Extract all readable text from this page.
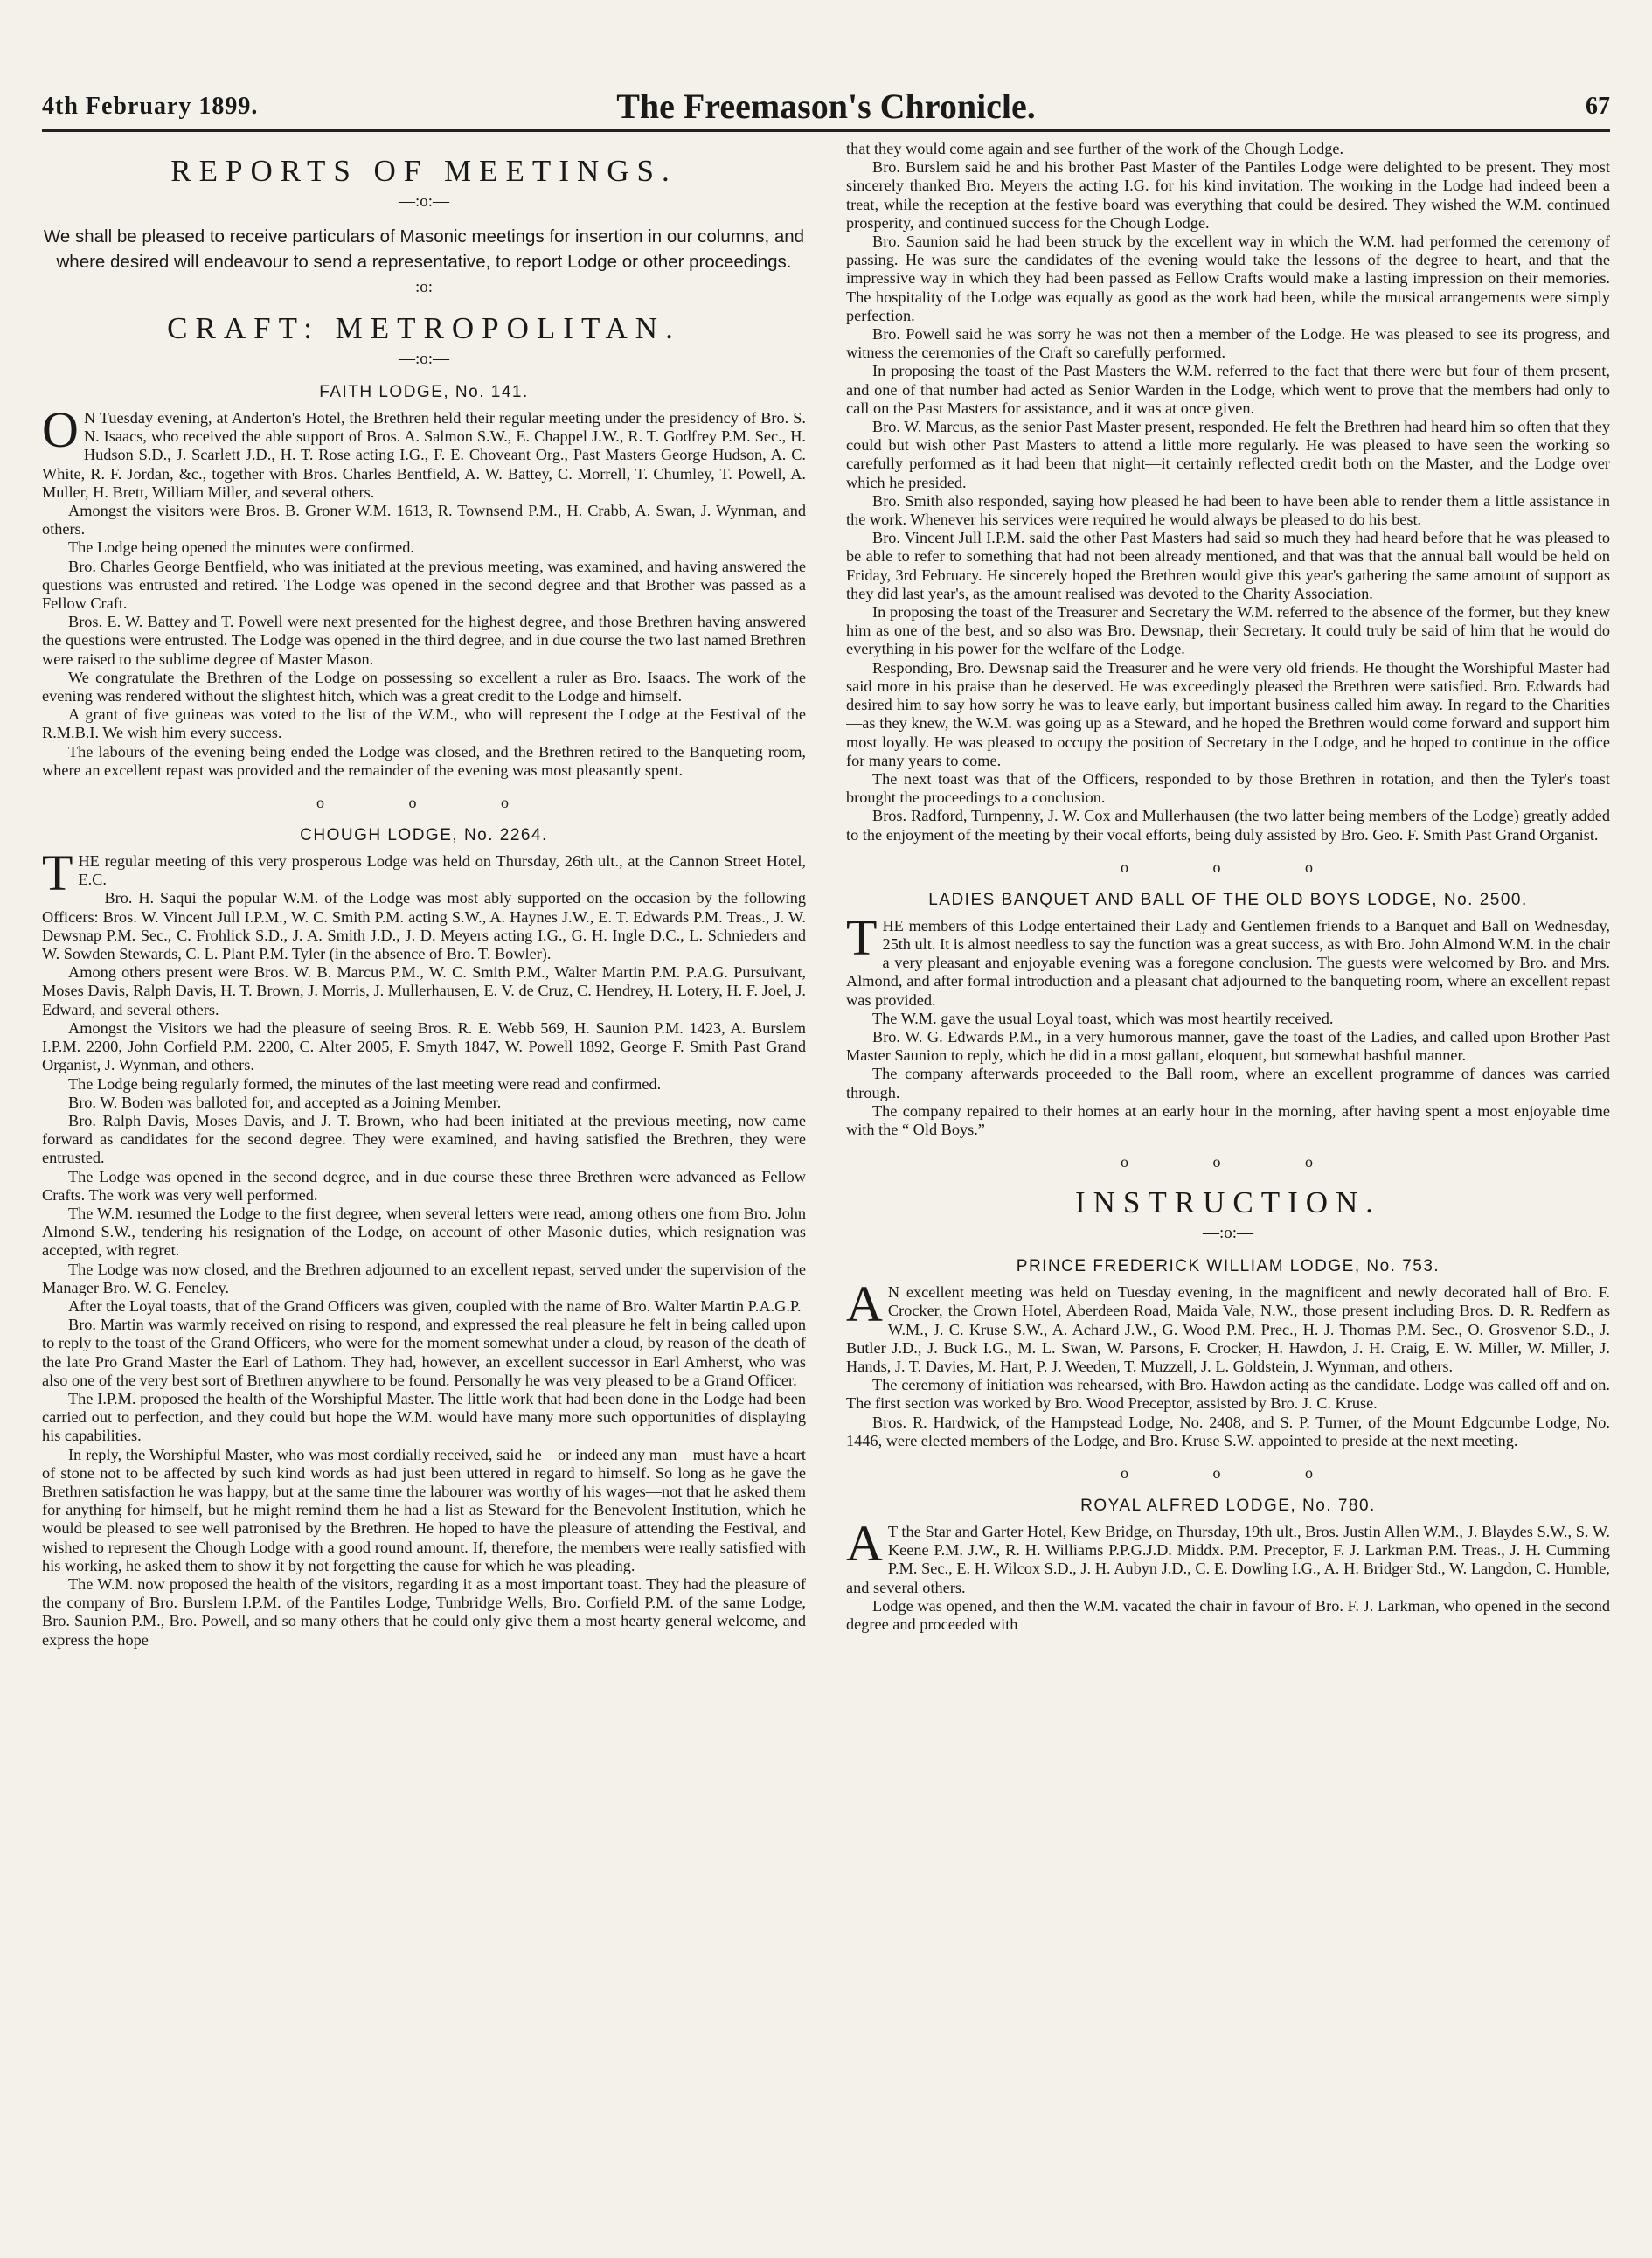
4th February 1899.	The Freemason's Chronicle.	67
REPORTS OF MEETINGS.
—:o:—
We shall be pleased to receive particulars of Masonic meetings for insertion in our columns, and where desired will endeavour to send a representative, to report Lodge or other proceedings.
—:o:—
CRAFT: METROPOLITAN.
—:o:—
FAITH LODGE, No. 141.

O N Tuesday evening, at Anderton's Hotel, the Brethren held their regular meeting under the presidency of Bro. S. N. Isaacs, who received the able support of Bros. A. Salmon S.W., E. Chappel J.W., R. T. Godfrey P.M. Sec., H. Hudson S.D., J. Scarlett J.D., H. T. Rose acting I.G., F. E. Choveant Org., Past Masters George Hudson, A. C. White, R. F. Jordan, &c., together with Bros. Charles Bentfield, A. W. Battey, C. Morrell, T. Chumley, T. Powell, A. Muller, H. Brett, William Miller, and several others.

Amongst the visitors were Bros. B. Groner W.M. 1613, R. Townsend P.M., H. Crabb, A. Swan, J. Wynman, and others.

The Lodge being opened the minutes were confirmed.

Bro. Charles George Bentfield, who was initiated at the previous meeting, was examined, and having answered the questions was entrusted and retired. The Lodge was opened in the second degree and that Brother was passed as a Fellow Craft.

Bros. E. W. Battey and T. Powell were next presented for the highest degree, and those Brethren having answered the questions were entrusted. The Lodge was opened in the third degree, and in due course the two last named Brethren were raised to the sublime degree of Master Mason.

We congratulate the Brethren of the Lodge on possessing so excellent a ruler as Bro. Isaacs. The work of the evening was rendered without the slightest hitch, which was a great credit to the Lodge and himself.

A grant of five guineas was voted to the list of the W.M., who will represent the Lodge at the Festival of the R.M.B.I. We wish him every success.

The labours of the evening being ended the Lodge was closed, and the Brethren retired to the Banqueting room, where an excellent repast was provided and the remainder of the evening was most pleasantly spent.

o o o
CHOUGH LODGE, No. 2264.

THE regular meeting of this very prosperous Lodge was held on Thursday, 26th ult., at the Cannon Street Hotel, E.C.

Bro. H. Saqui the popular W.M. of the Lodge was most ably supported on the occasion by the following Officers: Bros. W. Vincent Jull I.P.M., W. C. Smith P.M. acting S.W., A. Haynes J.W., E. T. Edwards P.M. Treas., J. W. Dewsnap P.M. Sec., C. Frohlick S.D., J. A. Smith J.D., J. D. Meyers acting I.G., G. H. Ingle D.C., L. Schnieders and W. Sowden Stewards, C. L. Plant P.M. Tyler (in the absence of Bro. T. Bowler).

Among others present were Bros. W. B. Marcus P.M., W. C. Smith P.M., Walter Martin P.M. P.A.G. Pursuivant, Moses Davis, Ralph Davis, H. T. Brown, J. Morris, J. Mullerhausen, E. V. de Cruz, C. Hendrey, H. Lotery, H. F. Joel, J. Edward, and several others.

Amongst the Visitors we had the pleasure of seeing Bros. R. E. Webb 569, H. Saunion P.M. 1423, A. Burslem I.P.M. 2200, John Corfield P.M. 2200, C. Alter 2005, F. Smyth 1847, W. Powell 1892, George F. Smith Past Grand Organist, J. Wynman, and others.

The Lodge being regularly formed, the minutes of the last meeting were read and confirmed.

Bro. W. Boden was balloted for, and accepted as a Joining Member.

Bro. Ralph Davis, Moses Davis, and J. T. Brown, who had been initiated at the previous meeting, now came forward as candidates for the second degree. They were examined, and having satisfied the Brethren, they were entrusted.

The Lodge was opened in the second degree, and in due course these three Brethren were advanced as Fellow Crafts. The work was very well performed.

The W.M. resumed the Lodge to the first degree, when several letters were read, among others one from Bro. John Almond S.W., tendering his resignation of the Lodge, on account of other Masonic duties, which resignation was accepted, with regret.

The Lodge was now closed, and the Brethren adjourned to an excellent repast, served under the supervision of the Manager Bro. W. G. Feneley.

After the Loyal toasts, that of the Grand Officers was given, coupled with the name of Bro. Walter Martin P.A.G.P.

Bro. Martin was warmly received on rising to respond, and expressed the real pleasure he felt in being called upon to reply to the toast of the Grand Officers, who were for the moment somewhat under a cloud, by reason of the death of the late Pro Grand Master the Earl of Lathom. They had, however, an excellent successor in Earl Amherst, who was also one of the very best sort of Brethren anywhere to be found. Personally he was very pleased to be a Grand Officer.

The I.P.M. proposed the health of the Worshipful Master. The little work that had been done in the Lodge had been carried out to perfection, and they could but hope the W.M. would have many more such opportunities of displaying his capabilities.

In reply, the Worshipful Master, who was most cordially received, said he—or indeed any man—must have a heart of stone not to be affected by such kind words as had just been uttered in regard to himself. So long as he gave the Brethren satisfaction he was happy, but at the same time the labourer was worthy of his wages—not that he asked them for anything for himself, but he might remind them he had a list as Steward for the Benevolent Institution, which he would be pleased to see well patronised by the Brethren. He hoped to have the pleasure of attending the Festival, and wished to represent the Chough Lodge with a good round amount. If, therefore, the members were really satisfied with his working, he asked them to show it by not forgetting the cause for which he was pleading.

The W.M. now proposed the health of the visitors, regarding it as a most important toast. They had the pleasure of the company of Bro. Burslem I.P.M. of the Pantiles Lodge, Tunbridge Wells, Bro. Corfield P.M. of the same Lodge, Bro. Saunion P.M., Bro. Powell, and so many others that he could only give them a most hearty general welcome, and express the hope

that they would come again and see further of the work of the Chough Lodge.

Bro. Burslem said he and his brother Past Master of the Pantiles Lodge were delighted to be present. They most sincerely thanked Bro. Meyers the acting I.G. for his kind invitation. The working in the Lodge had indeed been a treat, while the reception at the festive board was everything that could be desired. They wished the W.M. continued prosperity, and continued success for the Chough Lodge.

Bro. Saunion said he had been struck by the excellent way in which the W.M. had performed the ceremony of passing. He was sure the candidates of the evening would take the lessons of the degree to heart, and that the impressive way in which they had been passed as Fellow Crafts would make a lasting impression on their memories. The hospitality of the Lodge was equally as good as the work had been, while the musical arrangements were simply perfection.

Bro. Powell said he was sorry he was not then a member of the Lodge. He was pleased to see its progress, and witness the ceremonies of the Craft so carefully performed.

In proposing the toast of the Past Masters the W.M. referred to the fact that there were but four of them present, and one of that number had acted as Senior Warden in the Lodge, which went to prove that the members had only to call on the Past Masters for assistance, and it was at once given.

Bro. W. Marcus, as the senior Past Master present, responded. He felt the Brethren had heard him so often that they could but wish other Past Masters to attend a little more regularly. He was pleased to have seen the working so carefully performed as it had been that night—it certainly reflected credit both on the Master, and the Lodge over which he presided.

Bro. Smith also responded, saying how pleased he had been to have been able to render them a little assistance in the work. Whenever his services were required he would always be pleased to do his best.

Bro. Vincent Jull I.P.M. said the other Past Masters had said so much they had heard before that he was pleased to be able to refer to something that had not been already mentioned, and that was that the annual ball would be held on Friday, 3rd February. He sincerely hoped the Brethren would give this year's gathering the same amount of support as they did last year's, as the amount realised was devoted to the Charity Association.

In proposing the toast of the Treasurer and Secretary the W.M. referred to the absence of the former, but they knew him as one of the best, and so also was Bro. Dewsnap, their Secretary. It could truly be said of him that he would do everything in his power for the welfare of the Lodge.

Responding, Bro. Dewsnap said the Treasurer and he were very old friends. He thought the Worshipful Master had said more in his praise than he deserved. He was exceedingly pleased the Brethren were satisfied. Bro. Edwards had desired him to say how sorry he was to leave early, but important business called him away. In regard to the Charities—as they knew, the W.M. was going up as a Steward, and he hoped the Brethren would come forward and support him most loyally. He was pleased to occupy the position of Secretary in the Lodge, and he hoped to continue in the office for many years to come.

The next toast was that of the Officers, responded to by those Brethren in rotation, and then the Tyler's toast brought the proceedings to a conclusion.

Bros. Radford, Turnpenny, J. W. Cox and Mullerhausen (the two latter being members of the Lodge) greatly added to the enjoyment of the meeting by their vocal efforts, being duly assisted by Bro. Geo. F. Smith Past Grand Organist.

o o o
LADIES BANQUET AND BALL OF THE OLD BOYS LODGE, No. 2500.

THE members of this Lodge entertained their Lady and Gentlemen friends to a Banquet and Ball on Wednesday, 25th ult. It is almost needless to say the function was a great success, as with Bro. John Almond W.M. in the chair a very pleasant and enjoyable evening was a foregone conclusion. The guests were welcomed by Bro. and Mrs. Almond, and after formal introduction and a pleasant chat adjourned to the banqueting room, where an excellent repast was provided.

The W.M. gave the usual Loyal toast, which was most heartily received.

Bro. W. G. Edwards P.M., in a very humorous manner, gave the toast of the Ladies, and called upon Brother Past Master Saunion to reply, which he did in a most gallant, eloquent, but somewhat bashful manner.

The company afterwards proceeded to the Ball room, where an excellent programme of dances was carried through.

The company repaired to their homes at an early hour in the morning, after having spent a most enjoyable time with the “ Old Boys.”

o o o
INSTRUCTION.
—:o:—
PRINCE FREDERICK WILLIAM LODGE, No. 753.

A N excellent meeting was held on Tuesday evening, in the magnificent and newly decorated hall of Bro. F. Crocker, the Crown Hotel, Aberdeen Road, Maida Vale, N.W., those present including Bros. D. R. Redfern as W.M., J. C. Kruse S.W., A. Achard J.W., G. Wood P.M. Prec., H. J. Thomas P.M. Sec., O. Grosvenor S.D., J. Butler J.D., J. Buck I.G., M. L. Swan, W. Parsons, F. Crocker, H. Hawdon, J. H. Craig, E. W. Miller, W. Miller, J. Hands, J. T. Davies, M. Hart, P. J. Weeden, T. Muzzell, J. L. Goldstein, J. Wynman, and others.

The ceremony of initiation was rehearsed, with Bro. Hawdon acting as the candidate. Lodge was called off and on. The first section was worked by Bro. Wood Preceptor, assisted by Bro. J. C. Kruse.

Bros. R. Hardwick, of the Hampstead Lodge, No. 2408, and S. P. Turner, of the Mount Edgcumbe Lodge, No. 1446, were elected members of the Lodge, and Bro. Kruse S.W. appointed to preside at the next meeting.

o o o
ROYAL ALFRED LODGE, No. 780.

A T the Star and Garter Hotel, Kew Bridge, on Thursday, 19th ult., Bros. Justin Allen W.M., J. Blaydes S.W., S. W. Keene P.M. J.W., R. H. Williams P.P.G.J.D. Middx. P.M. Preceptor, F. J. Larkman P.M. Treas., J. H. Cumming P.M. Sec., E. H. Wilcox S.D., J. H. Aubyn J.D., C. E. Dowling I.G., A. H. Bridger Std., W. Langdon, C. Humble, and several others.

Lodge was opened, and then the W.M. vacated the chair in favour of Bro. F. J. Larkman, who opened in the second degree and proceeded with
